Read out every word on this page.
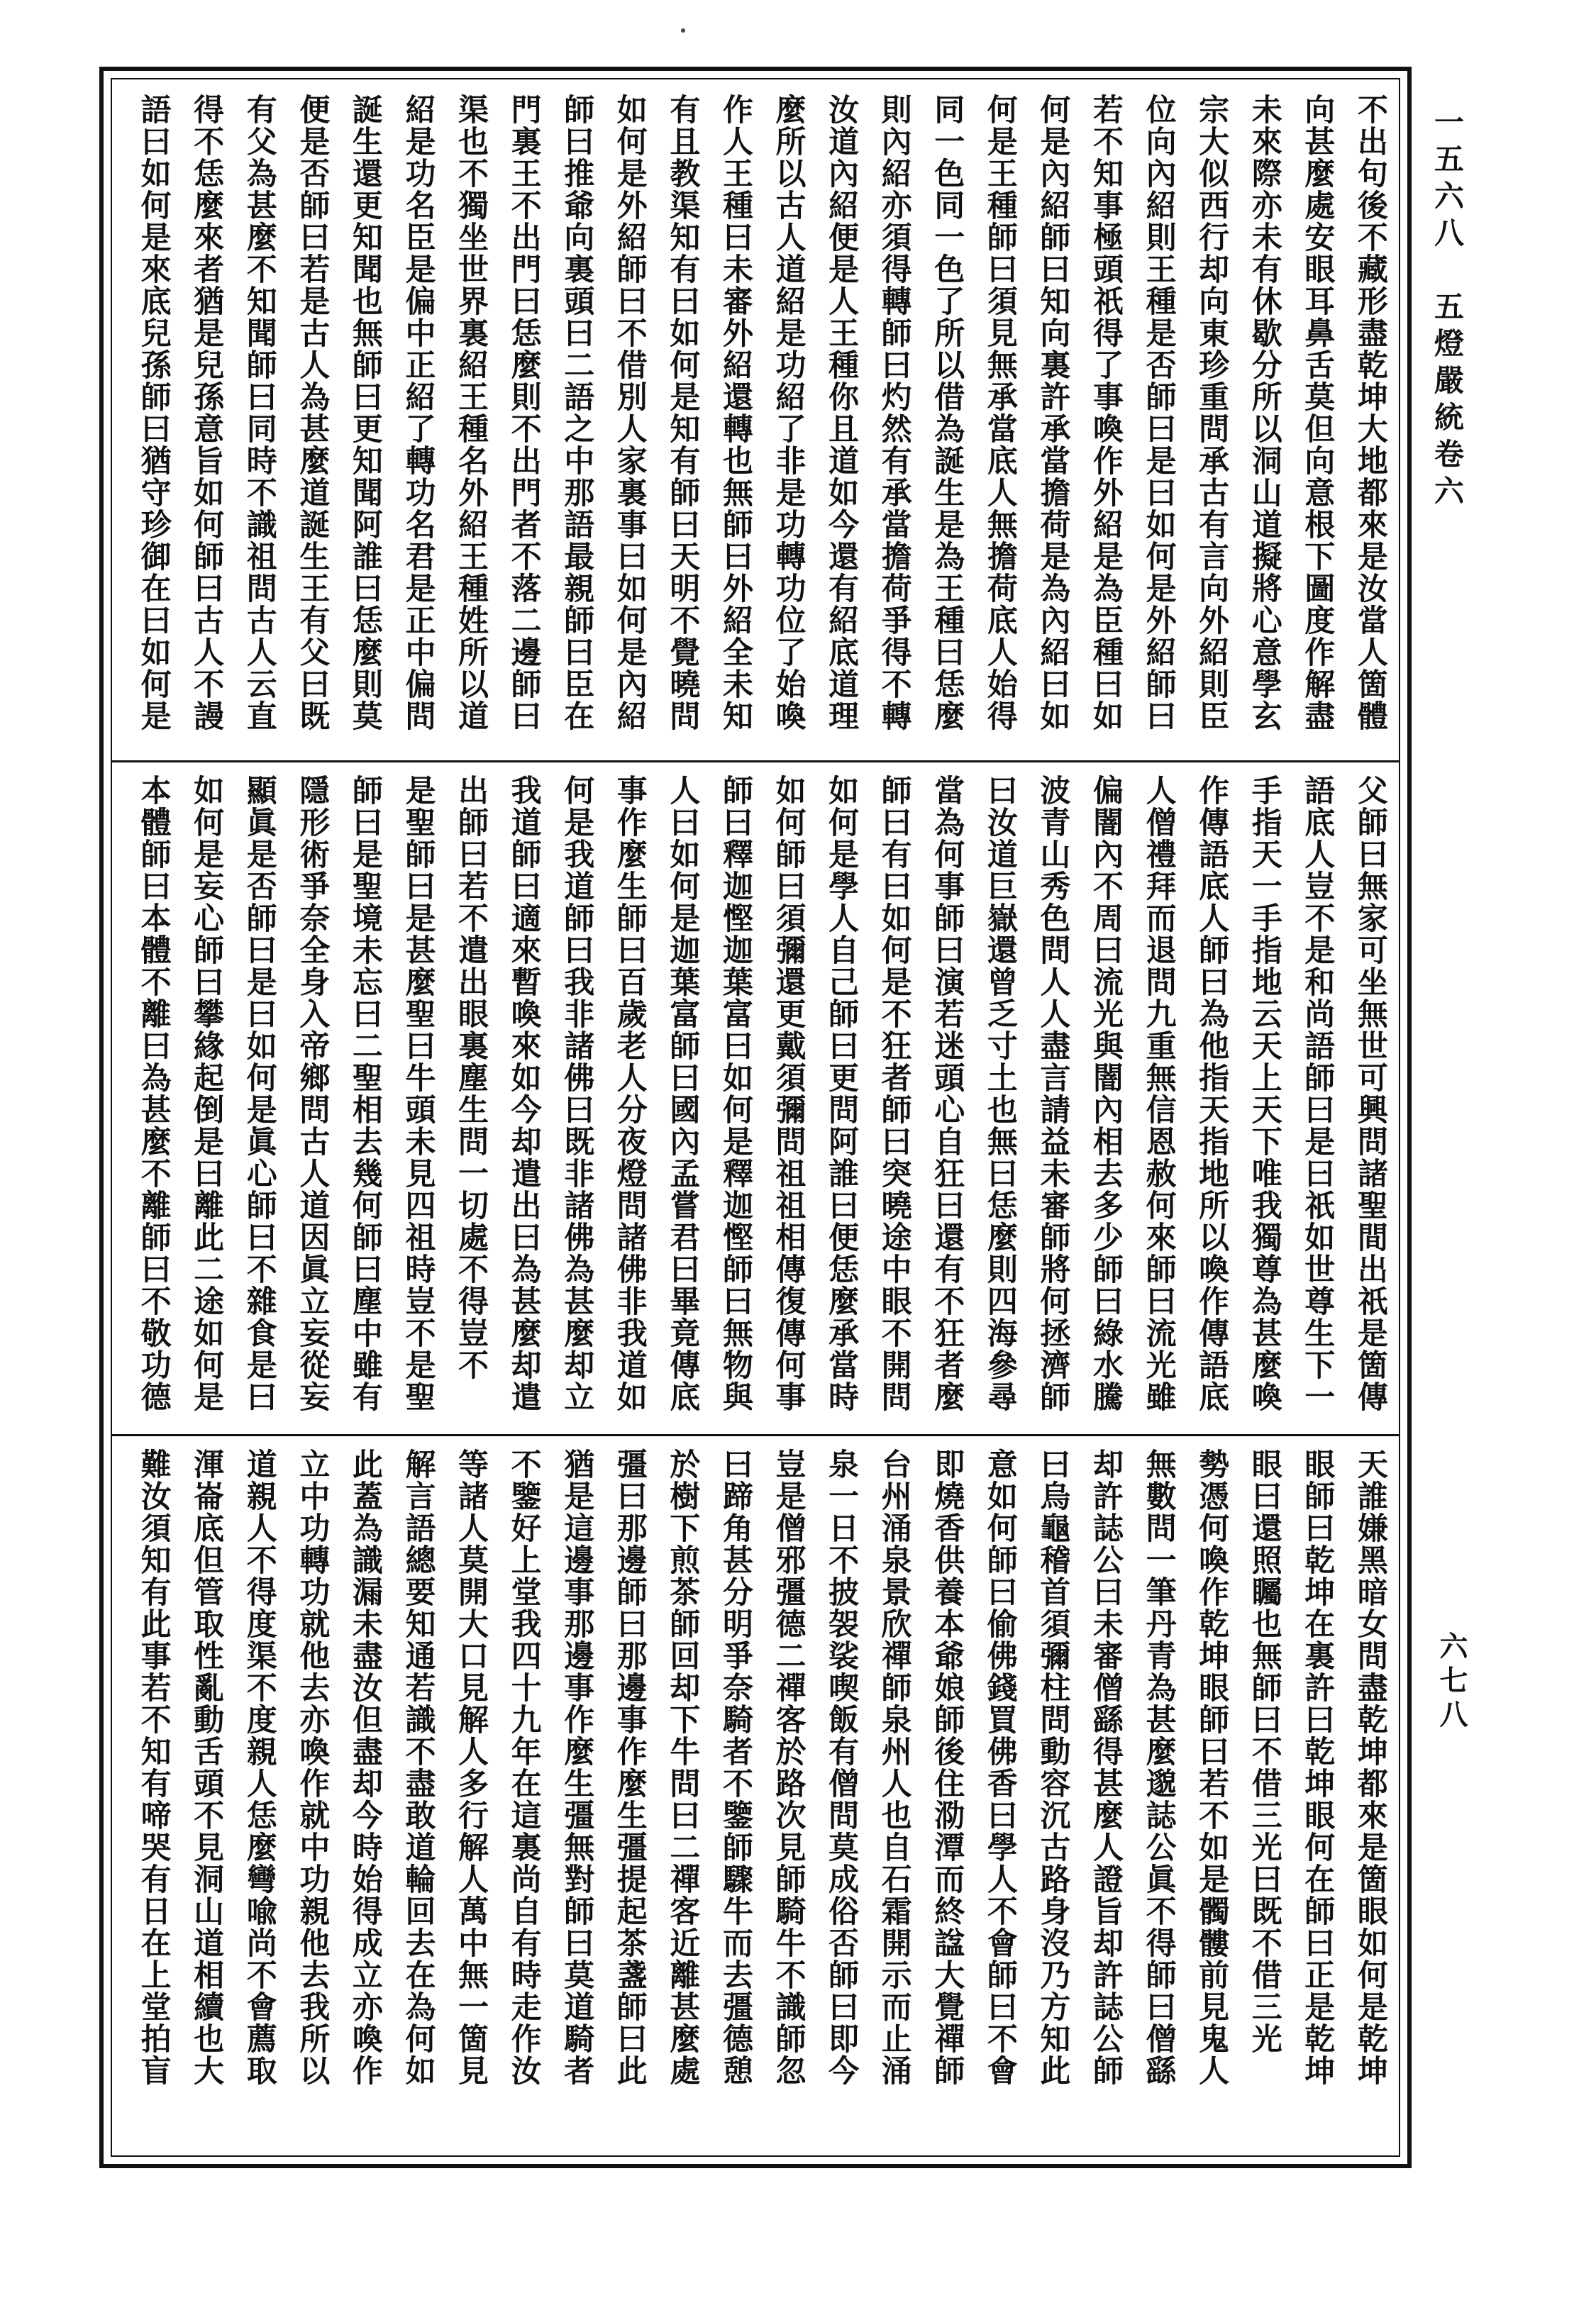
一五六八　五燈嚴統卷六
不出句後不藏形盡乾坤大地都來是汝當人箇體
向甚麼處安眼耳鼻舌莫但向意根下圖度作解盡
未來際亦未有休歇分所以洞山道擬將心意學玄
宗大似西行却向東珍重問承古有言向外紹則臣
位向內紹則王種是否師曰是曰如何是外紹師曰
若不知事極頭祇得了事喚作外紹是為臣種曰如
何是內紹師曰知向裏許承當擔荷是為內紹曰如
何是王種師曰須見無承當底人無擔荷底人始得
同一色同一色了所以借為誕生是為王種曰恁麼
則內紹亦須得轉師曰灼然有承當擔荷爭得不轉
汝道內紹便是人王種你且道如今還有紹底道理
麼所以古人道紹是功紹了非是功轉功位了始喚
作人王種曰未審外紹還轉也無師曰外紹全未知
有且教渠知有曰如何是知有師曰天明不覺曉問
如何是外紹師曰不借別人家裏事曰如何是內紹
師曰推爺向裏頭曰二語之中那語最親師曰臣在
門裏王不出門曰恁麼則不出門者不落二邊師曰
渠也不獨坐世界裏紹王種名外紹王種姓所以道
紹是功名臣是偏中正紹了轉功名君是正中偏問
誕生還更知聞也無師曰更知聞阿誰曰恁麼則莫
便是否師曰若是古人為甚麼道誕生王有父曰既
有父為甚麼不知聞師曰同時不識祖問古人云直
得不恁麼來者猶是兒孫意旨如何師曰古人不謾
語曰如何是來底兒孫師曰猶守珍御在曰如何是
父師曰無家可坐無世可興問諸聖間出祇是箇傳
語底人豈不是和尚語師曰是曰祇如世尊生下一
手指天一手指地云天上天下唯我獨尊為甚麼喚
作傳語底人師曰為他指天指地所以喚作傳語底
人僧禮拜而退問九重無信恩赦何來師曰流光雖
偏闇內不周曰流光與闇內相去多少師曰綠水騰
波青山秀色問人人盡言請益未審師將何拯濟師
曰汝道巨嶽還曾乏寸土也無曰恁麼則四海參尋
當為何事師曰演若迷頭心自狂曰還有不狂者麼
師曰有曰如何是不狂者師曰突曉途中眼不開問
如何是學人自己師曰更問阿誰曰便恁麼承當時
如何師曰須彌還更戴須彌問祖祖相傳復傳何事
師曰釋迦慳迦葉富曰如何是釋迦慳師曰無物與
人曰如何是迦葉富師曰國內孟嘗君曰畢竟傳底
事作麼生師曰百歲老人分夜燈問諸佛非我道如
何是我道師曰我非諸佛曰既非諸佛為甚麼却立
我道師曰適來暫喚來如今却遣出曰為甚麼却遣
出師曰若不遣出眼裏塵生問一切處不得豈不
是聖師曰是甚麼聖曰牛頭未見四祖時豈不是聖
師曰是聖境未忘曰二聖相去幾何師曰塵中雖有
隱形術爭奈全身入帝鄉問古人道因眞立妄從妄
顯眞是否師曰是曰如何是眞心師曰不雜食是曰
如何是妄心師曰攀緣起倒是曰離此二途如何是
本體師曰本體不離曰為甚麼不離師曰不敬功德
天誰嫌黑暗女問盡乾坤都來是箇眼如何是乾坤
眼師曰乾坤在裏許曰乾坤眼何在師曰正是乾坤
眼曰還照矚也無師曰不借三光曰既不借三光
勢憑何喚作乾坤眼師曰若不如是髑髏前見鬼人
無數問一筆丹青為甚麼邈誌公眞不得師曰僧繇
却許誌公曰未審僧繇得甚麼人證旨却許誌公師
曰烏龜稽首須彌柱問動容沉古路身沒乃方知此
意如何師曰偷佛錢買佛香曰學人不會師曰不會
即燒香供養本爺娘師後住泐潭而終諡大覺禪師
台州涌泉景欣禪師泉州人也自石霜開示而止涌
泉一日不披袈裟喫飯有僧問莫成俗否師曰即今
豈是僧邪彊德二禪客於路次見師騎牛不識師忽
曰蹄角甚分明爭奈騎者不鑒師驟牛而去彊德憩
於樹下煎茶師回却下牛問曰二禪客近離甚麼處
彊曰那邊師曰那邊事作麼生彊提起茶盞師曰此
猶是這邊事那邊事作麼生彊無對師曰莫道騎者
不鑒好上堂我四十九年在這裏尚自有時走作汝
等諸人莫開大口見解人多行解人萬中無一箇見
解言語總要知通若識不盡敢道輪回去在為何如
此蓋為識漏未盡汝但盡却今時始得成立亦喚作
立中功轉功就他去亦喚作就中功親他去我所以
道親人不得度渠不度親人恁麼彎喩尚不會薦取
渾崙底但管取性亂動舌頭不見洞山道相續也大
難汝須知有此事若不知有啼哭有日在上堂拍盲	六七八
